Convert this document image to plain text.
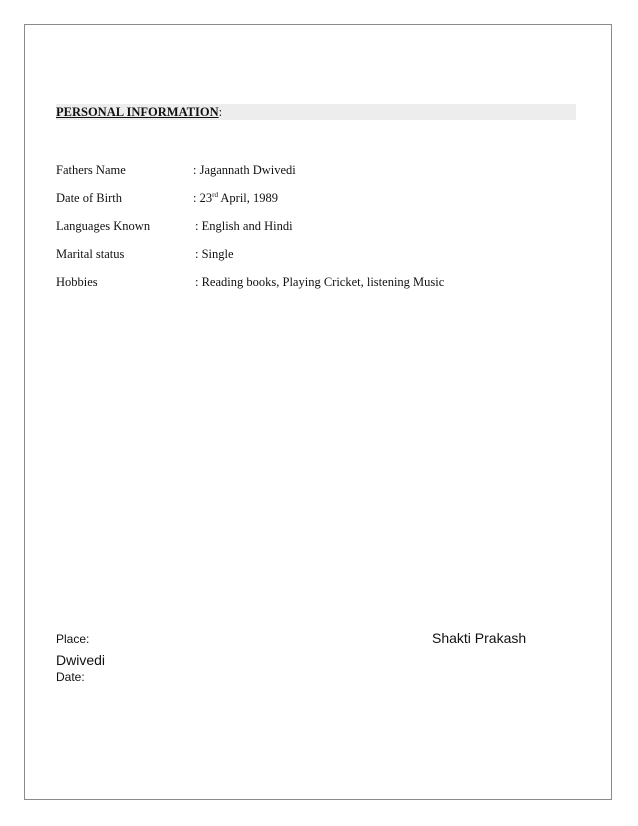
PERSONAL INFORMATION:
Fathers Name	: Jagannath Dwivedi
Date of Birth	: 23rd April, 1989
Languages Known	: English and Hindi
Marital status	: Single
Hobbies	: Reading books, Playing Cricket, listening Music
Place:	Shakti Prakash
Dwivedi
Date:
